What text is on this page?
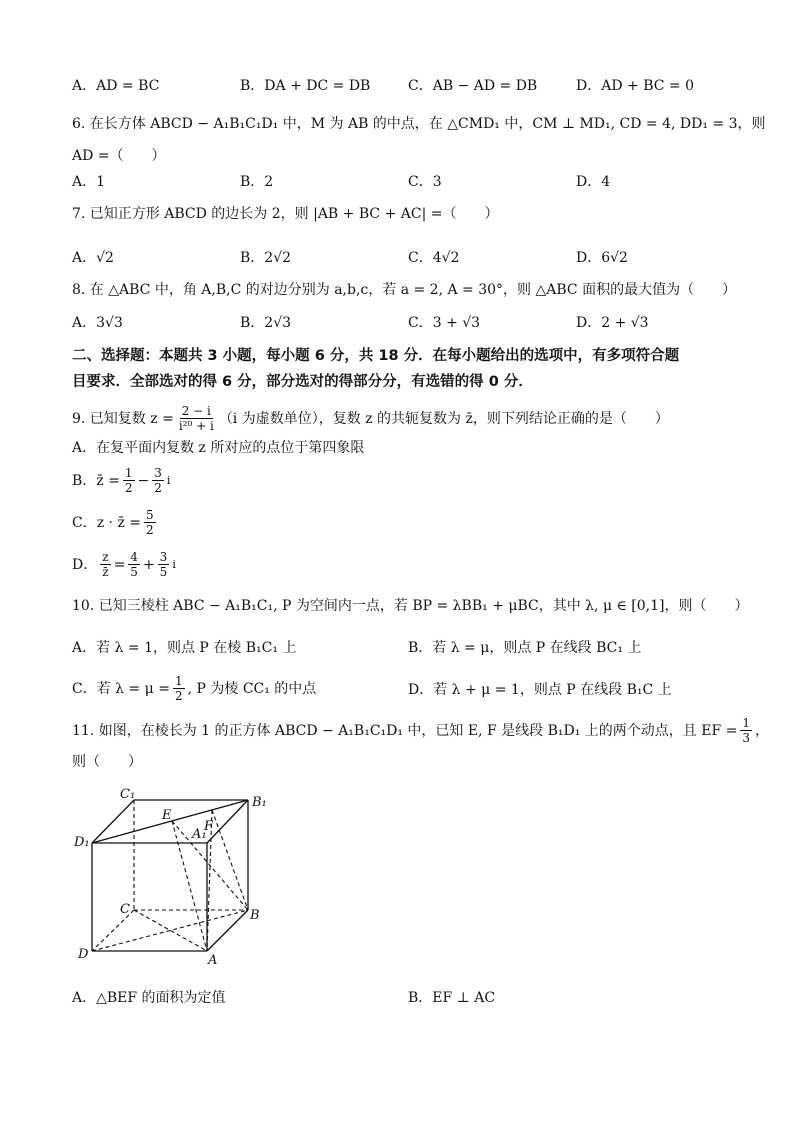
A．AD = BC	B．DA + DC = DB	C．AB − AD = DB	D．AD + BC = 0
6. 在长方体 ABCD − A₁B₁C₁D₁ 中，M 为 AB 的中点，在 △CMD₁ 中，CM ⊥ MD₁, CD = 4, DD₁ = 3，则
AD =（　　）
A．1	B．2	C．3	D．4
7. 已知正方形 ABCD 的边长为 2，则 |AB + BC + AC| =（　　）
A．√2	B．2√2	C．4√2	D．6√2
8. 在 △ABC 中，角 A,B,C 的对边分别为 a,b,c，若 a = 2, A = 30°，则 △ABC 面积的最大值为（　　）
A．3√3	B．2√3	C．3 + √3	D．2 + √3
二、选择题：本题共 3 小题，每小题 6 分，共 18 分．在每小题给出的选项中，有多项符合题
目要求．全部选对的得 6 分，部分选对的得部分分，有选错的得 0 分．
9. 已知复数 $z = \frac{2 - i}{\text{i²⁰ + i}} (i$ 为虚数单位），复数 z 的共轭复数为 z̄，则下列结论正确的是（　　）
A．在复平面内复数 z 所对应的点位于第四象限
B．z̄ = $\frac{1}{2} - \frac{3}{2}$ i
C．z · z̄ = $\frac{5}{2}$
D． $\frac{z}{z̄} = \frac{4}{5} + \frac{3}{5}$ i
10. 已知三棱柱 ABC − A₁B₁C₁, P 为空间内一点，若 BP = λBB₁ + μBC，其中 λ, μ ∈ [0,1]，则（　　）
A．若 λ = 1，则点 P 在棱 B₁C₁ 上	B．若 λ = μ，则点 P 在线段 BC₁ 上
C．若 $\lambda = \mu = \frac{1}{2}$ , P 为棱 CC₁ 的中点	D．若 λ + μ = 1，则点 P 在线段 B₁C 上
11. 如图，在棱长为 1 的正方体 ABCD − A₁B₁C₁D₁ 中，已知 E, F 是线段 B₁D₁ 上的两个动点，且 EF = $\frac{1}{3}$ ，
则（　　）
C₁
B₁
D₁
E
F
A₁
C	B
D	A
A．△BEF 的面积为定值	B．EF ⊥ AC
